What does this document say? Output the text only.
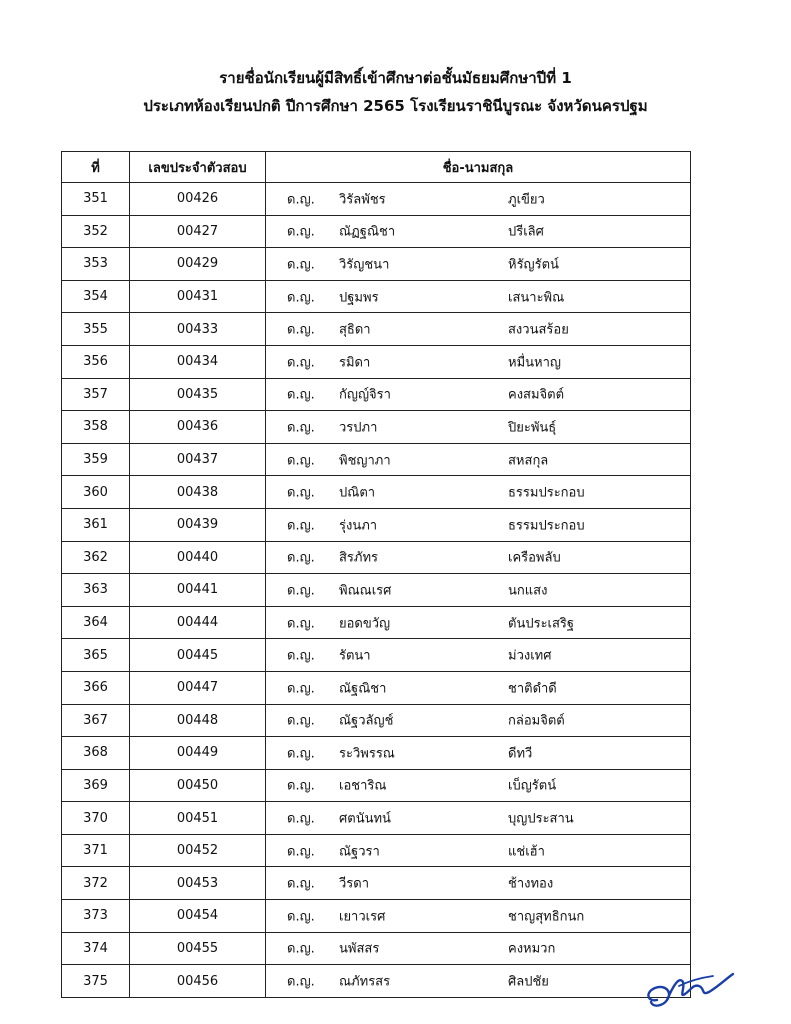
รายชื่อนักเรียนผู้มีสิทธิ์เข้าศึกษาต่อชั้นมัธยมศึกษาปีที่ 1
ประเภทห้องเรียนปกติ ปีการศึกษา 2565 โรงเรียนราชินีบูรณะ จังหวัดนครปฐม
ที่	เลขประจำตัวสอบ	ชื่อ-นามสกุล
351	00426	ด.ญ. วิรัลพัชร ภูเขียว

352	00427	ด.ญ. ณัฏฐณิชา ปรีเลิศ

353	00429	ด.ญ. วิรัญชนา หิรัญรัตน์

354	00431	ด.ญ. ปฐมพร เสนาะพิณ

355	00433	ด.ญ. สุธิดา สงวนสร้อย

356	00434	ด.ญ. รมิดา หมื่นหาญ

357	00435	ด.ญ. กัญญ์จิรา คงสมจิตต์

358	00436	ด.ญ. วรปภา ปิยะพันธุ์

359	00437	ด.ญ. พิชญาภา สหสกุล

360	00438	ด.ญ. ปณิตา ธรรมประกอบ

361	00439	ด.ญ. รุ่งนภา ธรรมประกอบ

362	00440	ด.ญ. สิรภัทร เครือพลับ

363	00441	ด.ญ. พิณณเรศ นกแสง

364	00444	ด.ญ. ยอดขวัญ ตันประเสริฐ

365	00445	ด.ญ. รัตนา ม่วงเทศ

366	00447	ด.ญ. ณัฐณิชา ชาติดำดี

367	00448	ด.ญ. ณัฐวลัญช์ กล่อมจิตต์

368	00449	ด.ญ. ระวิพรรณ ดีทวี

369	00450	ด.ญ. เอชาริณ เบ็ญรัตน์

370	00451	ด.ญ. ศตนันทน์ บุญประสาน

371	00452	ด.ญ. ณัฐวรา แช่เฮ้า

372	00453	ด.ญ. วีรดา ช้างทอง

373	00454	ด.ญ. เยาวเรศ ชาญสุทธิกนก

374	00455	ด.ญ. นพัสสร คงหมวก

375	00456	ด.ญ. ณภัทรสร ศิลปชัย
